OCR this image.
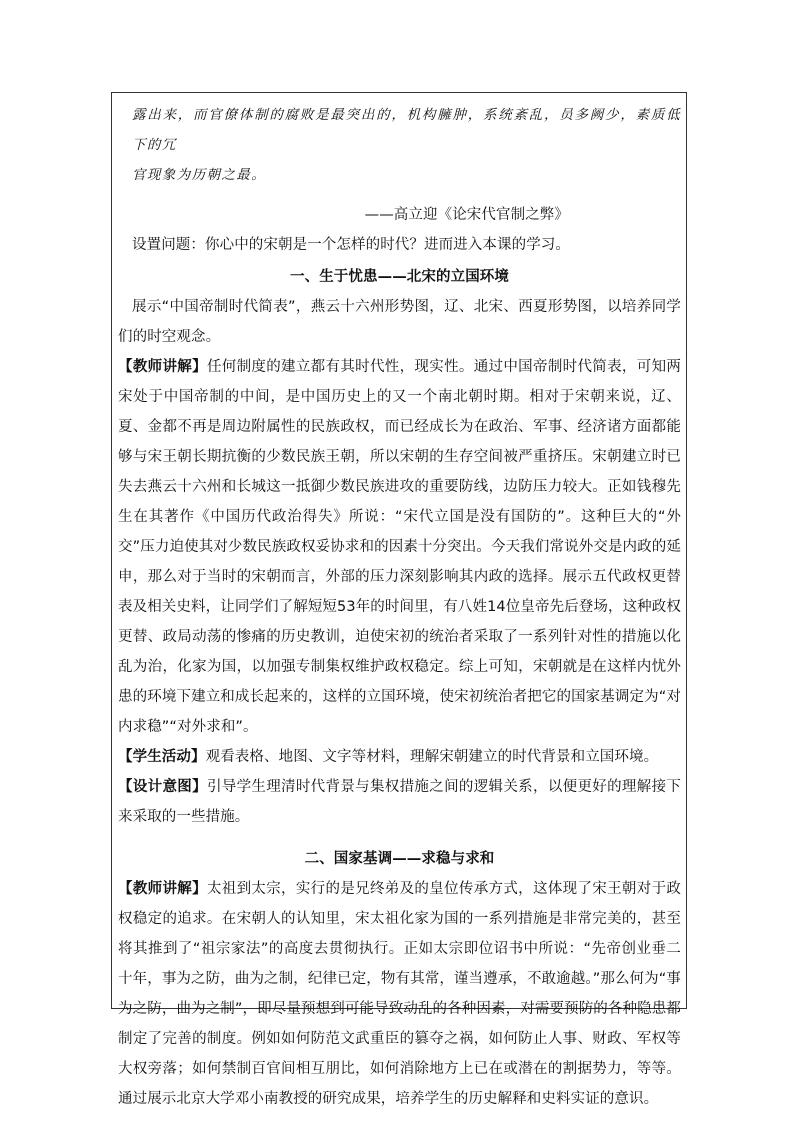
露出来，而官僚体制的腐败是最突出的，机构臃肿，系统紊乱，员多阙少，素质低下的冗

官现象为历朝之最。

——高立迎《论宋代官制之弊》

设置问题：你心中的宋朝是一个怎样的时代？进而进入本课的学习。

一、生于忧患——北宋的立国环境

展示“中国帝制时代简表”，燕云十六州形势图，辽、北宋、西夏形势图，以培养同学们的时空观念。

【教师讲解】任何制度的建立都有其时代性，现实性。通过中国帝制时代简表，可知两宋处于中国帝制的中间，是中国历史上的又一个南北朝时期。相对于宋朝来说，辽、夏、金都不再是周边附属性的民族政权，而已经成长为在政治、军事、经济诸方面都能够与宋王朝长期抗衡的少数民族王朝，所以宋朝的生存空间被严重挤压。宋朝建立时已失去燕云十六州和长城这一抵御少数民族进攻的重要防线，边防压力较大。正如钱穆先生在其著作《中国历代政治得失》所说：“宋代立国是没有国防的”。这种巨大的“外交”压力迫使其对少数民族政权妥协求和的因素十分突出。今天我们常说外交是内政的延申，那么对于当时的宋朝而言，外部的压力深刻影响其内政的选择。展示五代政权更替表及相关史料，让同学们了解短短53年的时间里，有八姓14位皇帝先后登场，这种政权更替、政局动荡的惨痛的历史教训，迫使宋初的统治者采取了一系列针对性的措施以化乱为治，化家为国，以加强专制集权维护政权稳定。综上可知，宋朝就是在这样内忧外患的环境下建立和成长起来的，这样的立国环境，使宋初统治者把它的国家基调定为“对内求稳”“对外求和”。

【学生活动】观看表格、地图、文字等材料，理解宋朝建立的时代背景和立国环境。

【设计意图】引导学生理清时代背景与集权措施之间的逻辑关系，以便更好的理解接下来采取的一些措施。

二、国家基调——求稳与求和

【教师讲解】太祖到太宗，实行的是兄终弟及的皇位传承方式，这体现了宋王朝对于政权稳定的追求。在宋朝人的认知里，宋太祖化家为国的一系列措施是非常完美的，甚至将其推到了“祖宗家法”的高度去贯彻执行。正如太宗即位诏书中所说：“先帝创业垂二十年，事为之防，曲为之制，纪律已定，物有其常，谨当遵承，不敢逾越。”那么何为“事为之防，曲为之制”，即尽量预想到可能导致动乱的各种因素，对需要预防的各种隐患都制定了完善的制度。例如如何防范文武重臣的篡夺之祸，如何防止人事、财政、军权等大权旁落；如何禁制百官间相互朋比，如何消除地方上已在或潜在的割据势力，等等。通过展示北京大学邓小南教授的研究成果，培养学生的历史解释和史料实证的意识。
